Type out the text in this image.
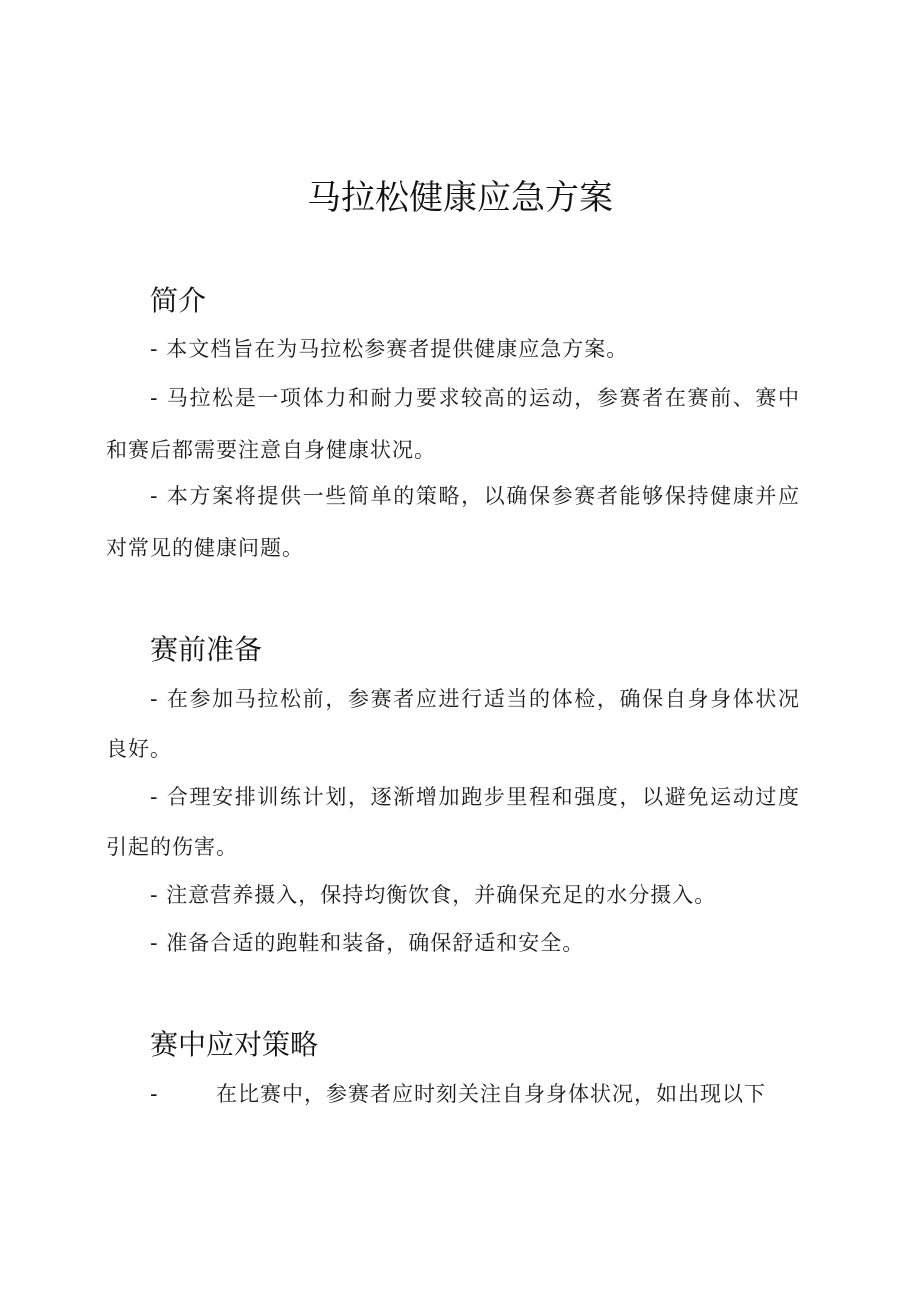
马拉松健康应急方案
简介
- 本文档旨在为马拉松参赛者提供健康应急方案。
- 马拉松是一项体力和耐力要求较高的运动，参赛者在赛前、赛中和赛后都需要注意自身健康状况。
- 本方案将提供一些简单的策略，以确保参赛者能够保持健康并应对常见的健康问题。
赛前准备
- 在参加马拉松前，参赛者应进行适当的体检，确保自身身体状况良好。
- 合理安排训练计划，逐渐增加跑步里程和强度，以避免运动过度引起的伤害。
- 注意营养摄入，保持均衡饮食，并确保充足的水分摄入。
- 准备合适的跑鞋和装备，确保舒适和安全。
赛中应对策略
-	在比赛中，参赛者应时刻关注自身身体状况，如出现以下
